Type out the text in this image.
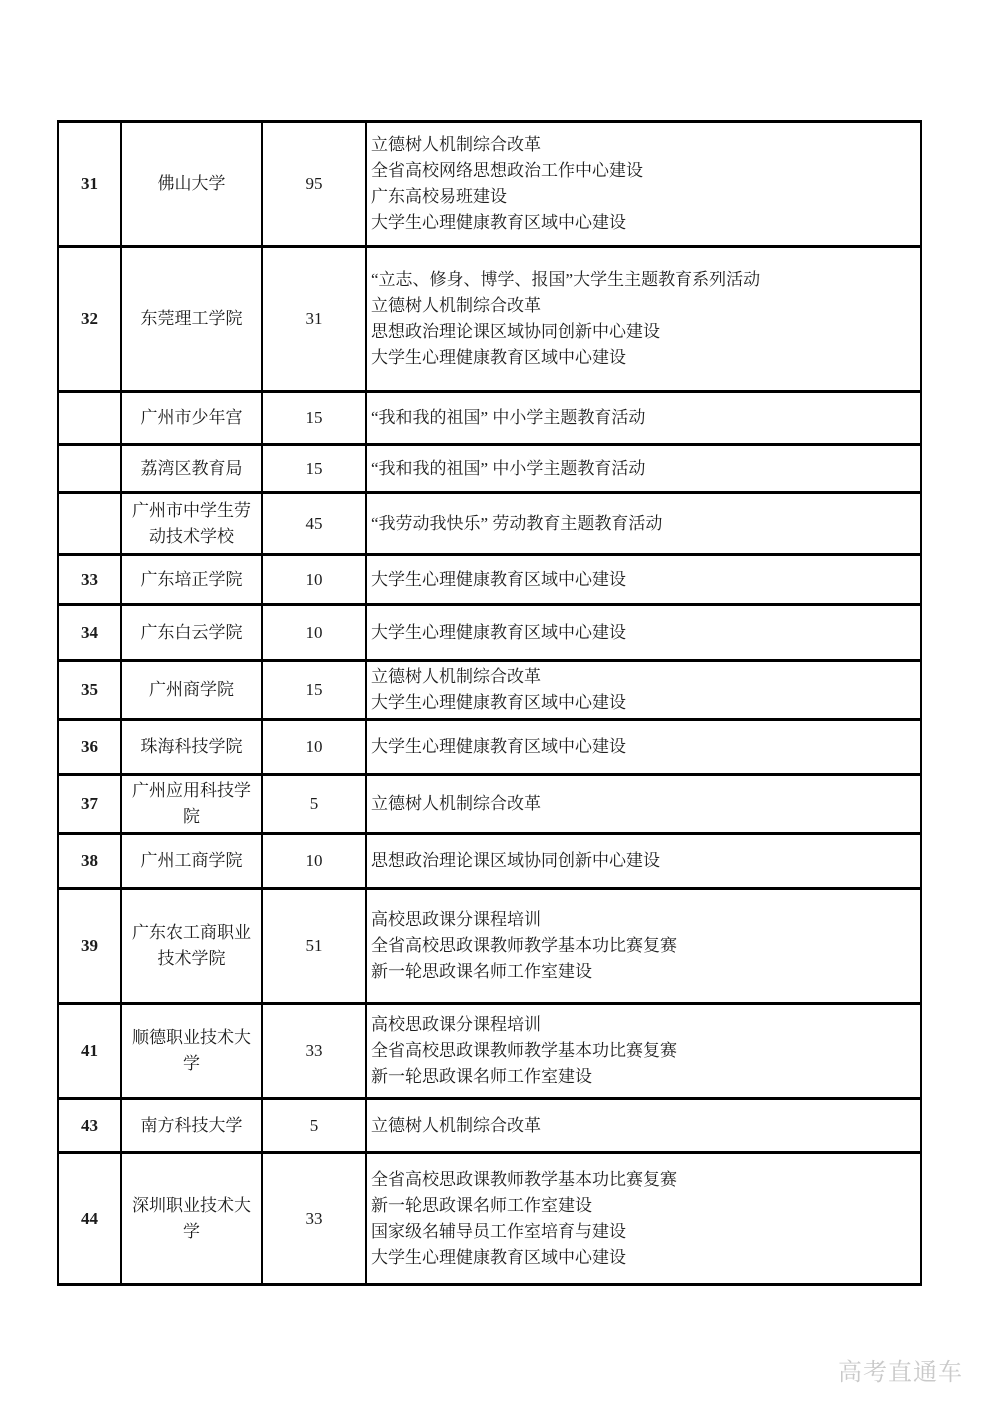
31	佛山大学	95	立德树人机制综合改革
全省高校网络思想政治工作中心建设
广东高校易班建设
大学生心理健康教育区域中心建设

32	东莞理工学院	31	“立志、修身、博学、报国”大学生主题教育系列活动
立德树人机制综合改革
思想政治理论课区域协同创新中心建设
大学生心理健康教育区域中心建设

	广州市少年宫	15	“我和我的祖国” 中小学主题教育活动

	荔湾区教育局	15	“我和我的祖国” 中小学主题教育活动

	广州市中学生劳动技术学校	45	“我劳动我快乐” 劳动教育主题教育活动

33	广东培正学院	10	大学生心理健康教育区域中心建设

34	广东白云学院	10	大学生心理健康教育区域中心建设

35	广州商学院	15	立德树人机制综合改革
大学生心理健康教育区域中心建设

36	珠海科技学院	10	大学生心理健康教育区域中心建设

37	广州应用科技学院	5	立德树人机制综合改革

38	广州工商学院	10	思想政治理论课区域协同创新中心建设

39	广东农工商职业技术学院	51	高校思政课分课程培训
全省高校思政课教师教学基本功比赛复赛
新一轮思政课名师工作室建设

41	顺德职业技术大学	33	高校思政课分课程培训
全省高校思政课教师教学基本功比赛复赛
新一轮思政课名师工作室建设

43	南方科技大学	5	立德树人机制综合改革

44	深圳职业技术大学	33	全省高校思政课教师教学基本功比赛复赛
新一轮思政课名师工作室建设
国家级名辅导员工作室培育与建设
大学生心理健康教育区域中心建设
高考直通车
